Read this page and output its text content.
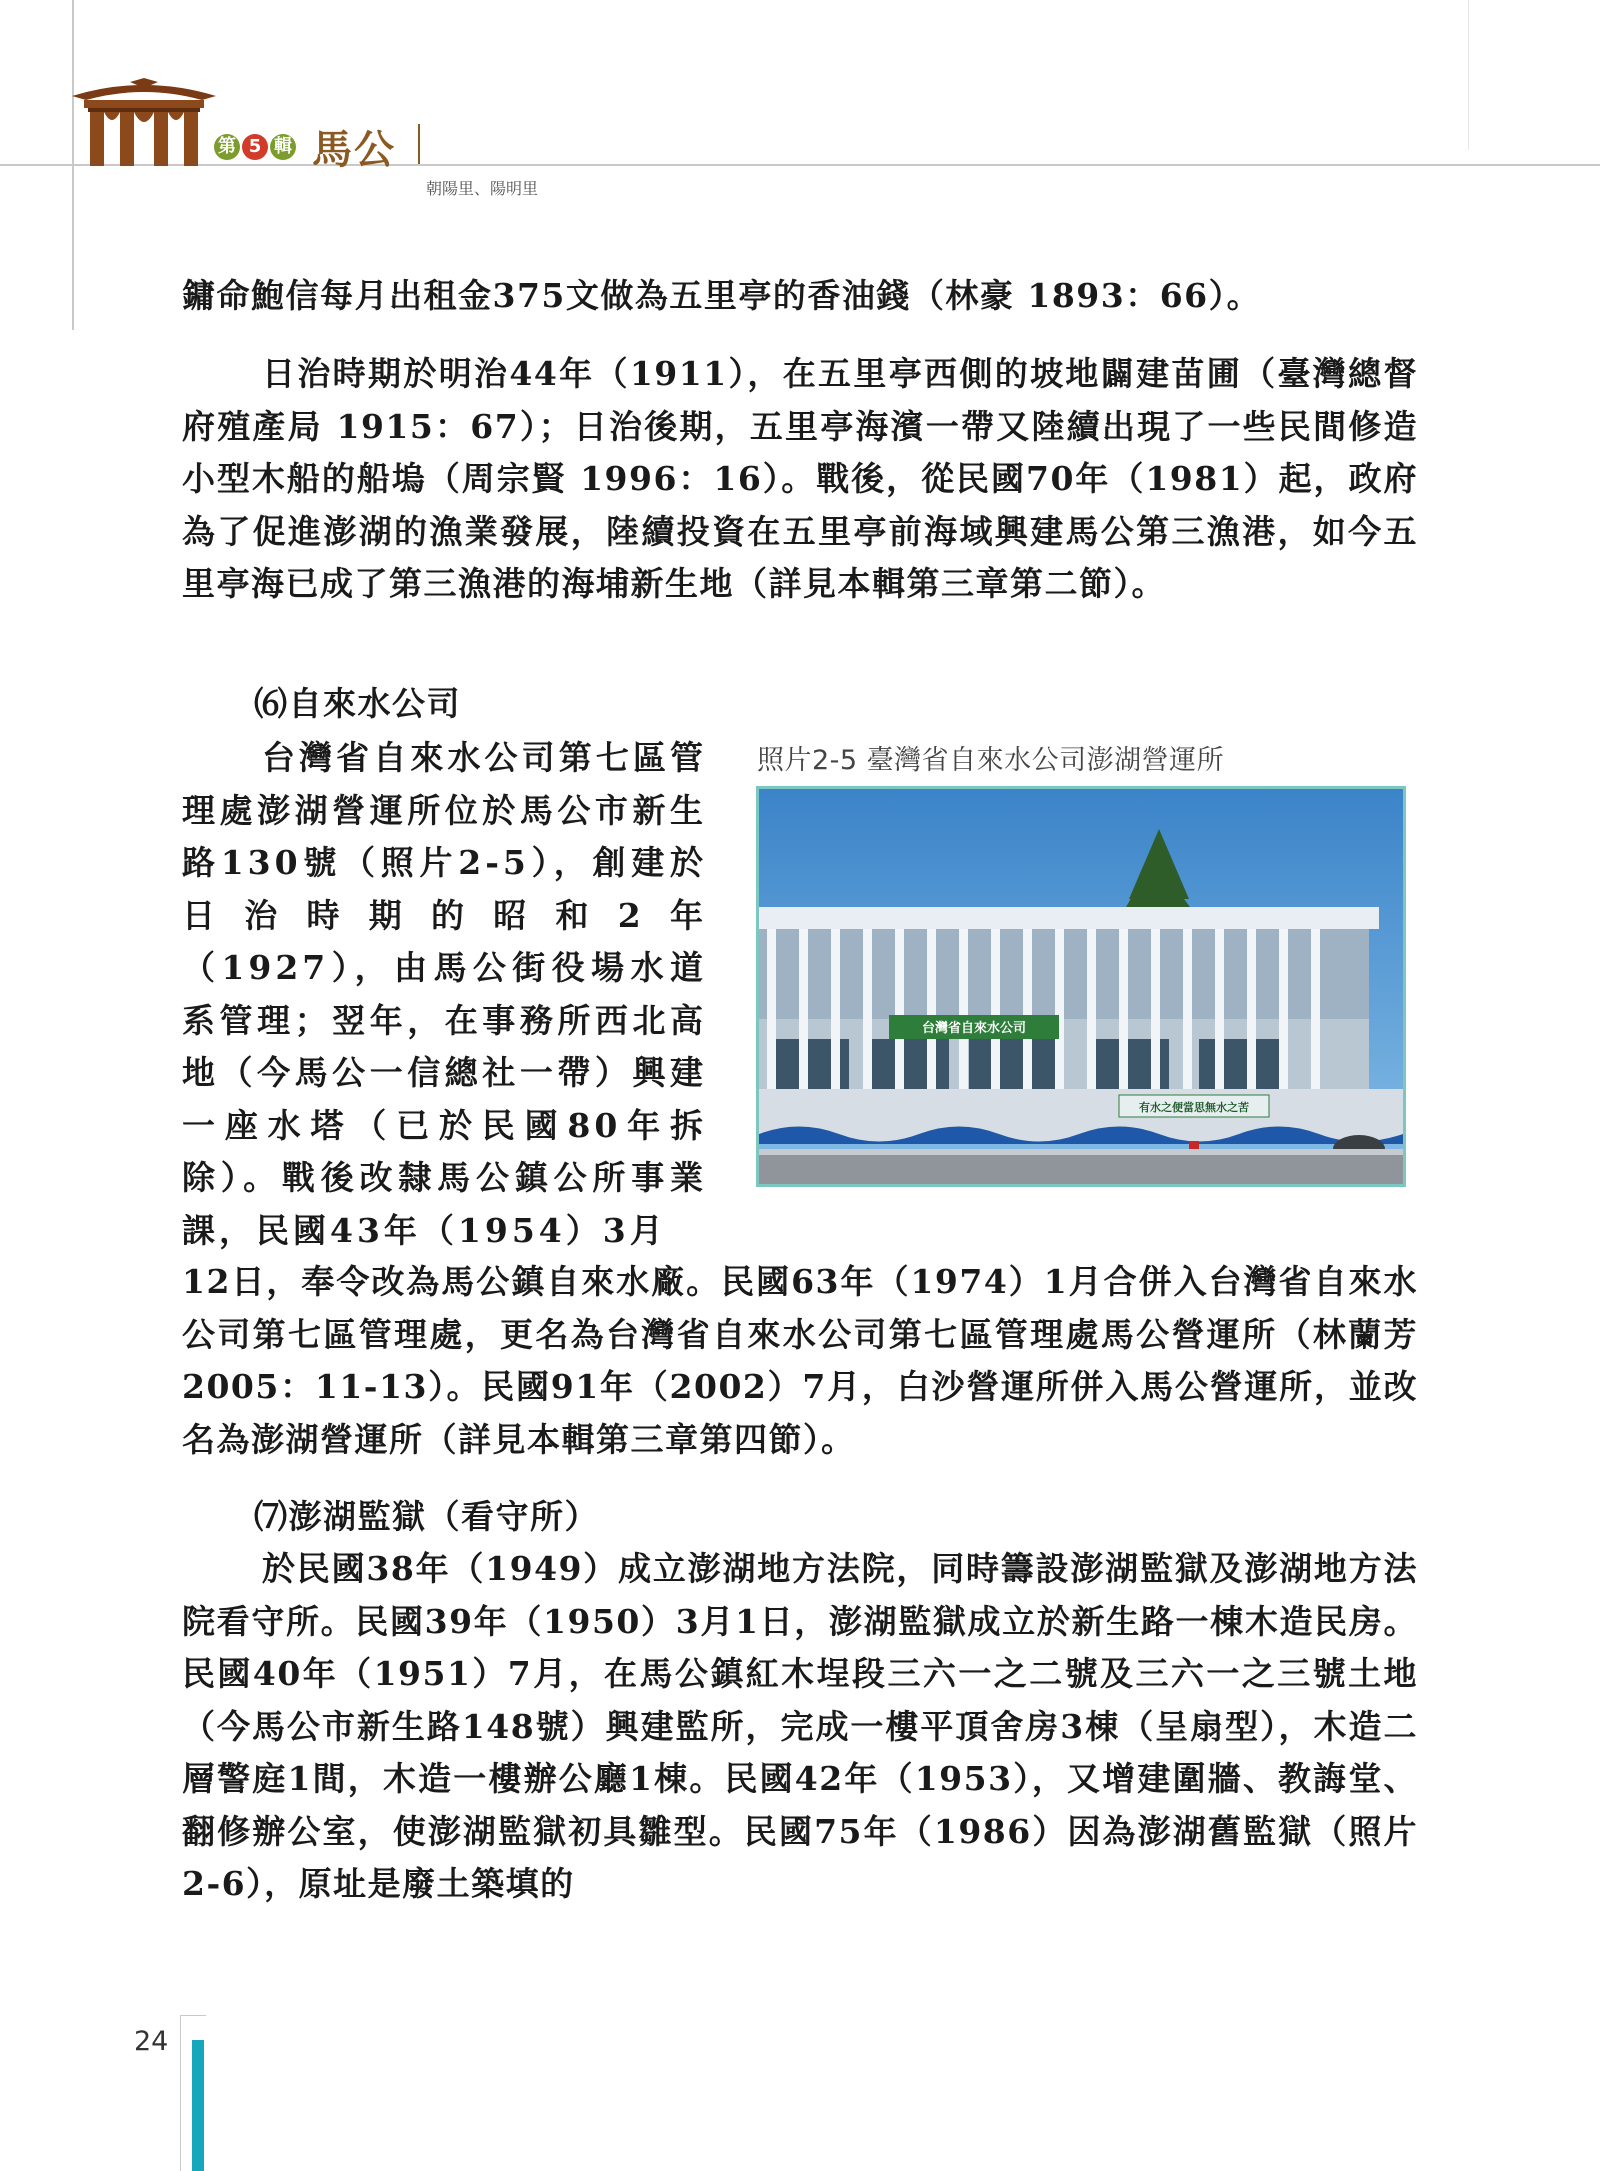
第 5 輯 馬公
朝陽里、陽明里

鏞命鮑信每月出租金375文做為五里亭的香油錢（林豪 1893：66）。

日治時期於明治44年（1911），在五里亭西側的坡地闢建苗圃（臺灣總督府殖產局 1915：67）；日治後期，五里亭海濱一帶又陸續出現了一些民間修造小型木船的船塢（周宗賢 1996：16）。戰後，從民國70年（1981）起，政府為了促進澎湖的漁業發展，陸續投資在五里亭前海域興建馬公第三漁港，如今五里亭海已成了第三漁港的海埔新生地（詳見本輯第三章第二節）。

⑹自來水公司

台灣省自來水公司第七區管理處澎湖營運所位於馬公市新生路130號（照片2-5），創建於日治時期的昭和2年（1927），由馬公街役場水道系管理；翌年，在事務所西北高地（今馬公一信總社一帶）興建一座水塔（已於民國80年拆除）。戰後改隸馬公鎮公所事業課，民國43年（1954）3月

照片2-5 臺灣省自來水公司澎湖營運所
台灣省自來水公司
有水之便當思無水之苦

12日，奉令改為馬公鎮自來水廠。民國63年（1974）1月合併入台灣省自來水公司第七區管理處，更名為台灣省自來水公司第七區管理處馬公營運所（林蘭芳 2005：11-13）。民國91年（2002）7月，白沙營運所併入馬公營運所，並改名為澎湖營運所（詳見本輯第三章第四節）。

⑺澎湖監獄（看守所）

於民國38年（1949）成立澎湖地方法院，同時籌設澎湖監獄及澎湖地方法院看守所。民國39年（1950）3月1日，澎湖監獄成立於新生路一棟木造民房。民國40年（1951）7月，在馬公鎮紅木埕段三六一之二號及三六一之三號土地（今馬公市新生路148號）興建監所，完成一樓平頂舍房3棟（呈扇型），木造二層警庭1間，木造一樓辦公廳1棟。民國42年（1953），又增建圍牆、教誨堂、翻修辦公室，使澎湖監獄初具雛型。民國75年（1986）因為澎湖舊監獄（照片2-6），原址是廢土築填的

24
